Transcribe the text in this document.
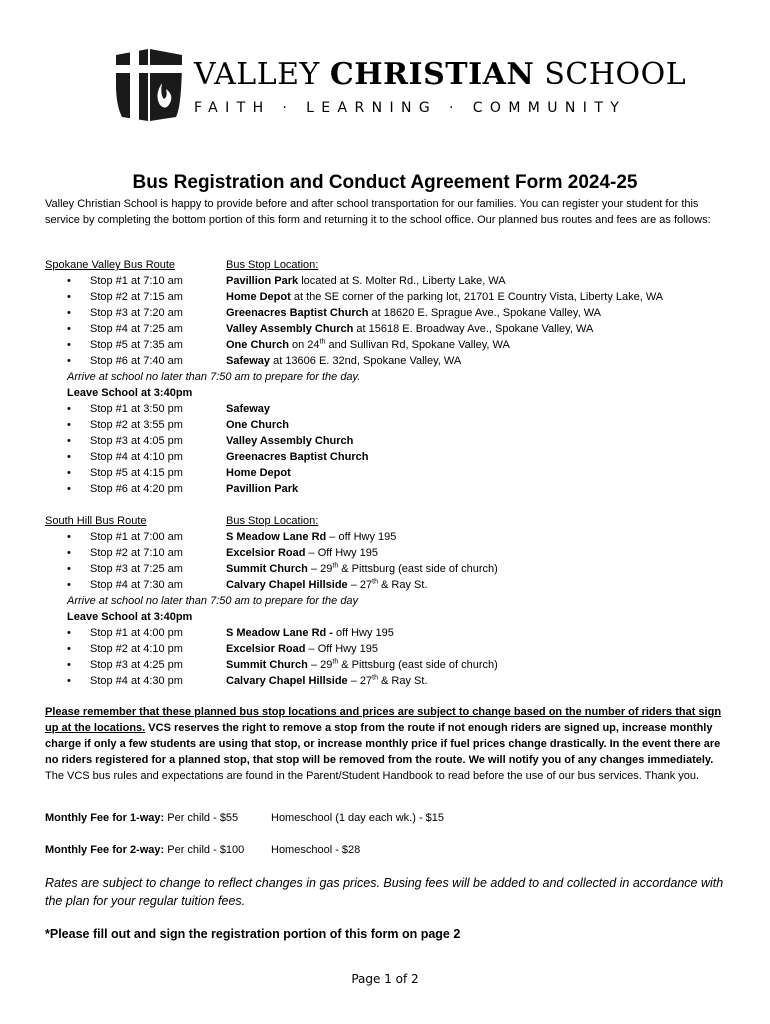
VALLEY CHRISTIAN SCHOOL
FAITH · LEARNING · COMMUNITY
Bus Registration and Conduct Agreement Form 2024-25
Valley Christian School is happy to provide before and after school transportation for our families. You can register your student for this service by completing the bottom portion of this form and returning it to the school office. Our planned bus routes and fees are as follows:
Spokane Valley Bus Route	Bus Stop Location:
• Stop #1 at 7:10 am	Pavillion Park located at S. Molter Rd., Liberty Lake, WA
• Stop #2 at 7:15 am	Home Depot at the SE corner of the parking lot, 21701 E Country Vista, Liberty Lake, WA
• Stop #3 at 7:20 am	Greenacres Baptist Church at 18620 E. Sprague Ave., Spokane Valley, WA
• Stop #4 at 7:25 am	Valley Assembly Church at 15618 E. Broadway Ave., Spokane Valley, WA
• Stop #5 at 7:35 am	One Church on 24th and Sullivan Rd, Spokane Valley, WA
• Stop #6 at 7:40 am	Safeway at 13606 E. 32nd, Spokane Valley, WA
Arrive at school no later than 7:50 am to prepare for the day.
Leave School at 3:40pm
• Stop #1 at 3:50 pm	Safeway
• Stop #2 at 3:55 pm	One Church
• Stop #3 at 4:05 pm	Valley Assembly Church
• Stop #4 at 4:10 pm	Greenacres Baptist Church
• Stop #5 at 4:15 pm	Home Depot
• Stop #6 at 4:20 pm	Pavillion Park
South Hill Bus Route	Bus Stop Location:
• Stop #1 at 7:00 am	S Meadow Lane Rd – off Hwy 195
• Stop #2 at 7:10 am	Excelsior Road – Off Hwy 195
• Stop #3 at 7:25 am	Summit Church – 29th & Pittsburg (east side of church)
• Stop #4 at 7:30 am	Calvary Chapel Hillside – 27th & Ray St.
Arrive at school no later than 7:50 am to prepare for the day
Leave School at 3:40pm
• Stop #1 at 4:00 pm	S Meadow Lane Rd - off Hwy 195
• Stop #2 at 4:10 pm	Excelsior Road – Off Hwy 195
• Stop #3 at 4:25 pm	Summit Church – 29th & Pittsburg (east side of church)
• Stop #4 at 4:30 pm	Calvary Chapel Hillside – 27th & Ray St.
Please remember that these planned bus stop locations and prices are subject to change based on the number of riders that sign up at the locations. VCS reserves the right to remove a stop from the route if not enough riders are signed up, increase monthly charge if only a few students are using that stop, or increase monthly price if fuel prices change drastically. In the event there are no riders registered for a planned stop, that stop will be removed from the route. We will notify you of any changes immediately. The VCS bus rules and expectations are found in the Parent/Student Handbook to read before the use of our bus services. Thank you.
Monthly Fee for 1-way: Per child - $55	Homeschool (1 day each wk.) - $15
Monthly Fee for 2-way: Per child - $100 Homeschool - $28
Rates are subject to change to reflect changes in gas prices. Busing fees will be added to and collected in accordance with the plan for your regular tuition fees.
*Please fill out and sign the registration portion of this form on page 2
Page 1 of 2
